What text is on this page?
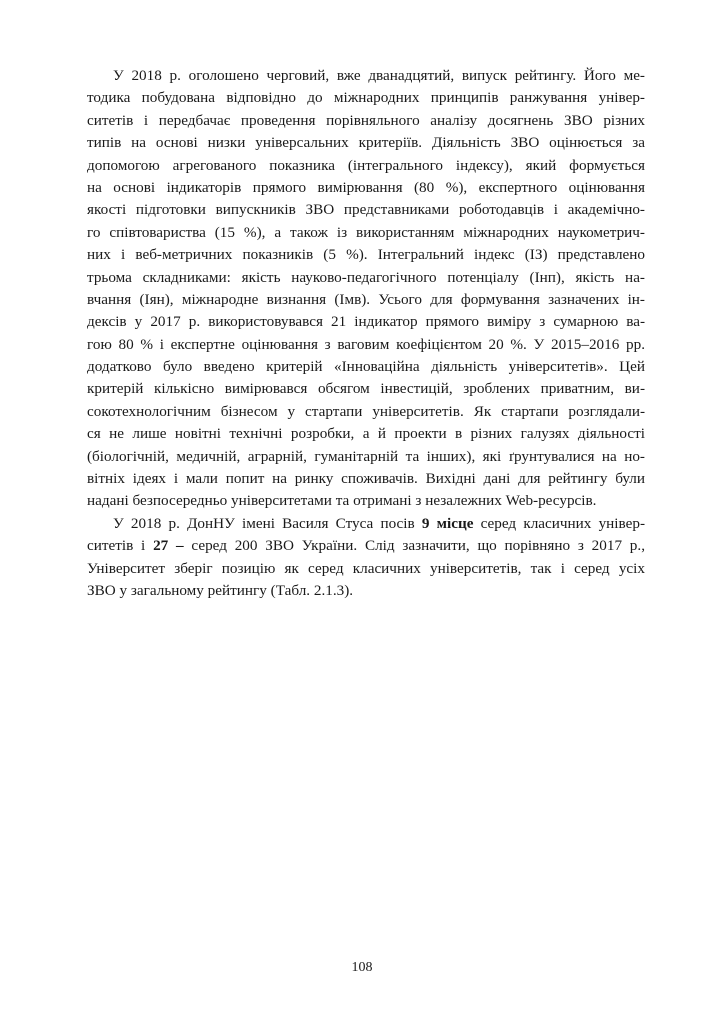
У 2018 р. оголошено черговий, вже дванадцятий, випуск рейтингу. Його ме-
тодика побудована відповідно до міжнародних принципів ранжування універ-
ситетів і передбачає проведення порівняльного аналізу досягнень ЗВО різних
типів на основі низки універсальних критеріїв. Діяльність ЗВО оцінюється за
допомогою агрегованого показника (інтегрального індексу), який формується
на основі індикаторів прямого вимірювання (80 %), експертного оцінювання
якості підготовки випускників ЗВО представниками роботодавців і академічно-
го співтовариства (15 %), а також із використанням міжнародних наукометрич-
них і веб-метричних показників (5 %). Інтегральний індекс (ІЗ) представлено
трьома складниками: якість науково-педагогічного потенціалу (Інп), якість на-
вчання (Іян), міжнародне визнання (Імв). Усього для формування зазначених ін-
дексів у 2017 р. використовувався 21 індикатор прямого виміру з сумарною ва-
гою 80 % і експертне оцінювання з ваговим коефіцієнтом 20 %. У 2015–2016 рр.
додатково було введено критерій «Інноваційна діяльність університетів». Цей
критерій кількісно вимірювався обсягом інвестицій, зроблених приватним, ви-
сокотехнологічним бізнесом у стартапи університетів. Як стартапи розглядали-
ся не лише новітні технічні розробки, а й проекти в різних галузях діяльності
(біологічній, медичній, аграрній, гуманітарній та інших), які ґрунтувалися на но-
вітніх ідеях і мали попит на ринку споживачів. Вихідні дані для рейтингу були
надані безпосередньо університетами та отримані з незалежних Web-ресурсів.

У 2018 р. ДонНУ імені Василя Стуса посів 9 місце серед класичних універ-
ситетів і 27 – серед 200 ЗВО України. Слід зазначити, що порівняно з 2017 р.,
Університет зберіг позицію як серед класичних університетів, так і серед усіх
ЗВО у загальному рейтингу (Табл. 2.1.3).

108
